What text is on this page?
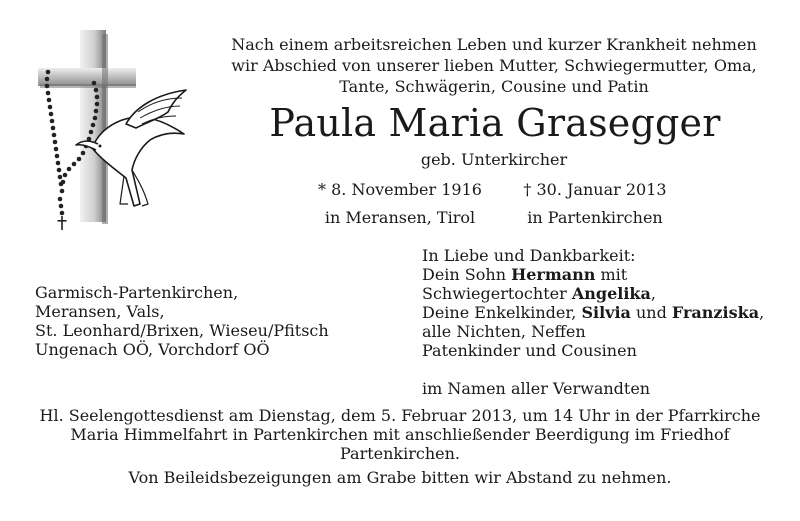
Nach einem arbeitsreichen Leben und kurzer Krankheit nehmen
wir Abschied von unserer lieben Mutter, Schwiegermutter, Oma,
Tante, Schwägerin, Cousine und Patin
Paula Maria Grasegger
geb. Unterkircher
* 8. November 1916
in Meransen, Tirol
† 30. Januar 2013
in Partenkirchen
In Liebe und Dankbarkeit:
Dein Sohn Hermann mit
Schwiegertochter Angelika,
Deine Enkelkinder, Silvia und Franziska,
alle Nichten, Neffen
Patenkinder und Cousinen
im Namen aller Verwandten
Garmisch-Partenkirchen,
Meransen, Vals,
St. Leonhard/Brixen, Wieseu/Pfitsch
Ungenach OÖ, Vorchdorf OÖ
Hl. Seelengottesdienst am Dienstag, dem 5. Februar 2013, um 14 Uhr in der Pfarrkirche
Maria Himmelfahrt in Partenkirchen mit anschließender Beerdigung im Friedhof
Partenkirchen.
Von Beileidsbezeigungen am Grabe bitten wir Abstand zu nehmen.
